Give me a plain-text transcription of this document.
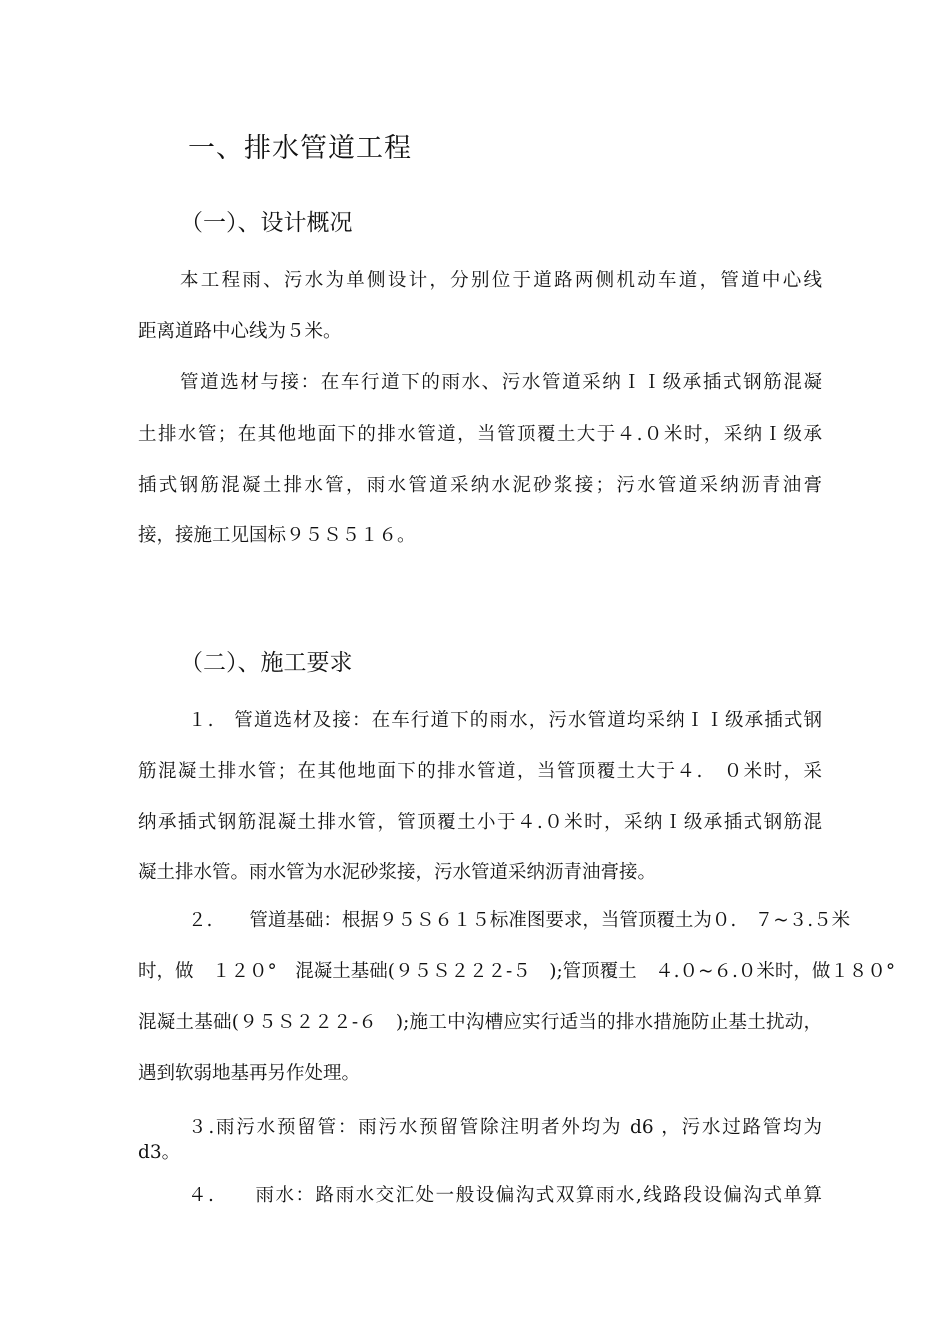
一、排水管道工程
（一）、设计概况
本工程雨、污水为单侧设计，分别位于道路两侧机动车道，管道中心线
距离道路中心线为５米。
管道选材与接：在车行道下的雨水、污水管道采纳ＩＩ级承插式钢筋混凝
土排水管；在其他地面下的排水管道，当管顶覆土大于４.０米时，采纳Ｉ级承
插式钢筋混凝土排水管，雨水管道采纳水泥砂浆接；污水管道采纳沥青油膏
接，接施工见国标９５Ｓ５１６。
（二）、施工要求
１.　管道选材及接：在车行道下的雨水，污水管道均采纳ＩＩ级承插式钢
筋混凝土排水管；在其他地面下的排水管道，当管顶覆土大于４.　０米时，采
纳承插式钢筋混凝土排水管，管顶覆土小于４.０米时，采纳Ｉ级承插式钢筋混
凝土排水管。雨水管为水泥砂浆接，污水管道采纳沥青油膏接。
２.　　管道基础：根据９５Ｓ６１５标准图要求，当管顶覆土为０.　７~３.５米
时，做　１２０°　混凝土基础(９５Ｓ２２２-５　);管顶覆土　４.０~６.０米时，做１８０°
混凝土基础(９５Ｓ２２２-６　);施工中沟槽应实行适当的排水措施防止基土扰动，
遇到软弱地基再另作处理。
３.雨污水预留管：雨污水预留管除注明者外均为 d6 ，污水过路管均为
d3。
４.　　雨水：路雨水交汇处一般设偏沟式双算雨水,线路段设偏沟式单算
